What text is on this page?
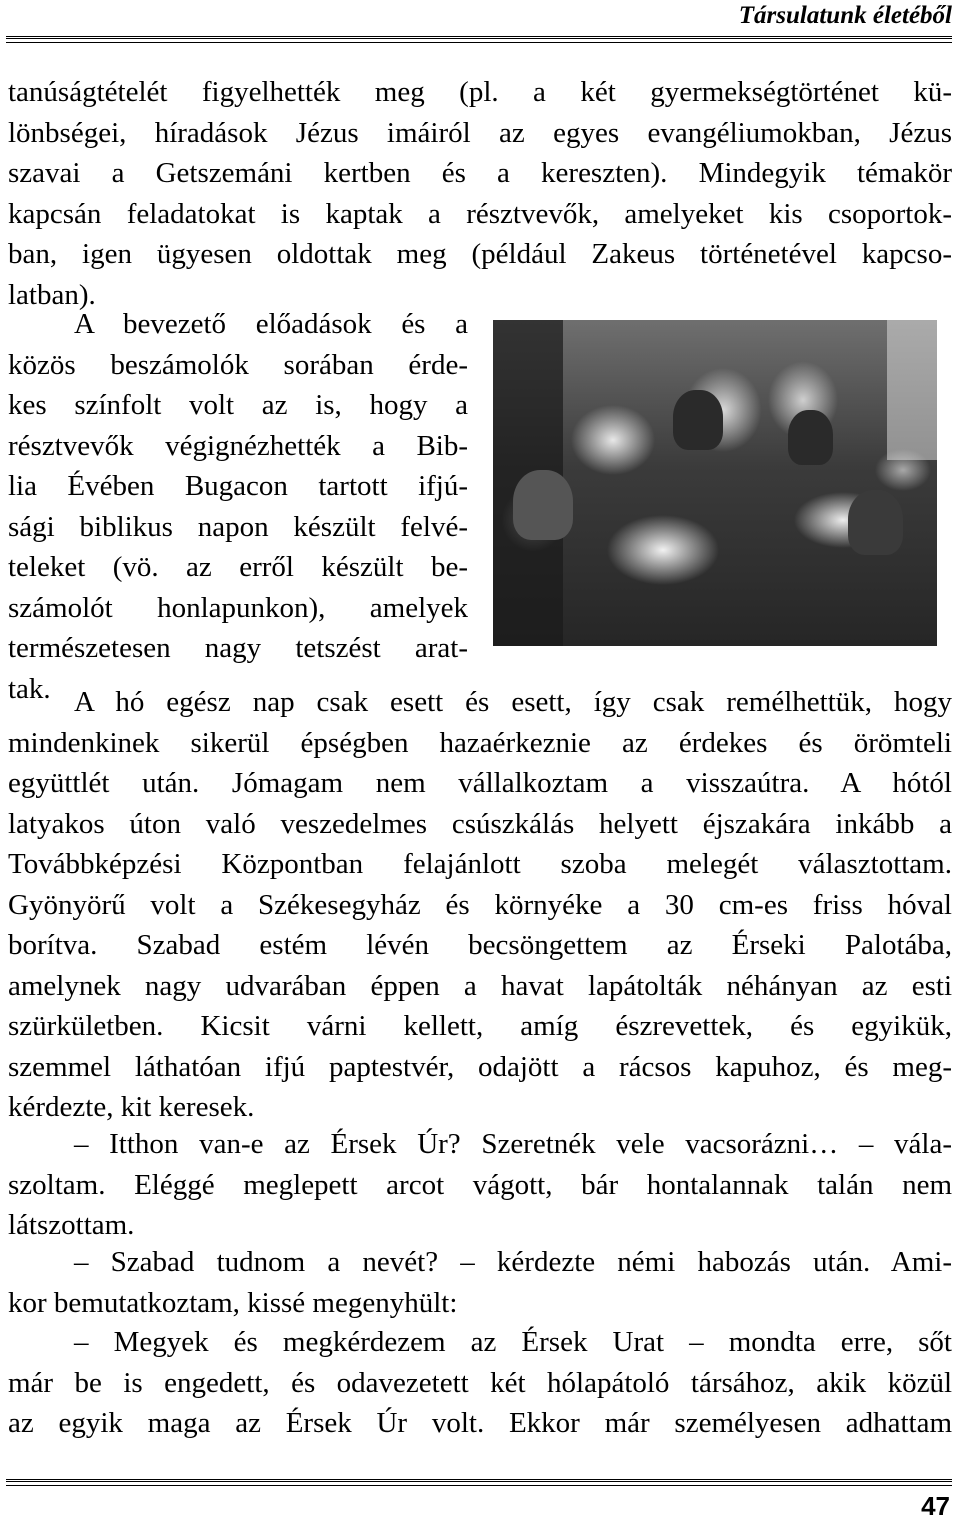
Társulatunk életéből
tanúságtételét figyelhették meg (pl. a két gyermekségtörténet kü-
lönbségei, híradások Jézus imáiról az egyes evangéliumokban, Jézus
szavai a Getszemáni kertben és a kereszten). Mindegyik témakör
kapcsán feladatokat is kaptak a résztvevők, amelyeket kis csoportok-
ban, igen ügyesen oldottak meg (például Zakeus történetével kapcso-
latban).
A bevezető előadások és a
közös beszámolók sorában érde-
kes színfolt volt az is, hogy a
résztvevők végignézhették a Bib-
lia Évében Bugacon tartott ifjú-
sági biblikus napon készült felvé-
teleket (vö. az erről készült be-
számolót honlapunkon), amelyek
természetesen nagy tetszést arat-
tak. A hó egész nap csak esett és esett, így csak remélhettük, hogy
mindenkinek sikerül épségben hazaérkeznie az érdekes és örömteli
együttlét után. Jómagam nem vállalkoztam a visszaútra. A hótól
latyakos úton való veszedelmes csúszkálás helyett éjszakára inkább a
Továbbképzési Központban felajánlott szoba melegét választottam.
Gyönyörű volt a Székesegyház és környéke a 30 cm-es friss hóval
borítva. Szabad estém lévén becsöngettem az Érseki Palotába,
amelynek nagy udvarában éppen a havat lapátolták néhányan az esti
szürkületben. Kicsit várni kellett, amíg észrevettek, és egyikük,
szemmel láthatóan ifjú paptestvér, odajött a rácsos kapuhoz, és meg-
kérdezte, kit keresek.
– Itthon van-e az Érsek Úr? Szeretnék vele vacsorázni… – vála-
szoltam. Eléggé meglepett arcot vágott, bár hontalannak talán nem
látszottam.
– Szabad tudnom a nevét? – kérdezte némi habozás után. Ami-
kor bemutatkoztam, kissé megenyhült:
– Megyek és megkérdezem az Érsek Urat – mondta erre, sőt
már be is engedett, és odavezetett két hólapátoló társához, akik közül
az egyik maga az Érsek Úr volt. Ekkor már személyesen adhattam
47
